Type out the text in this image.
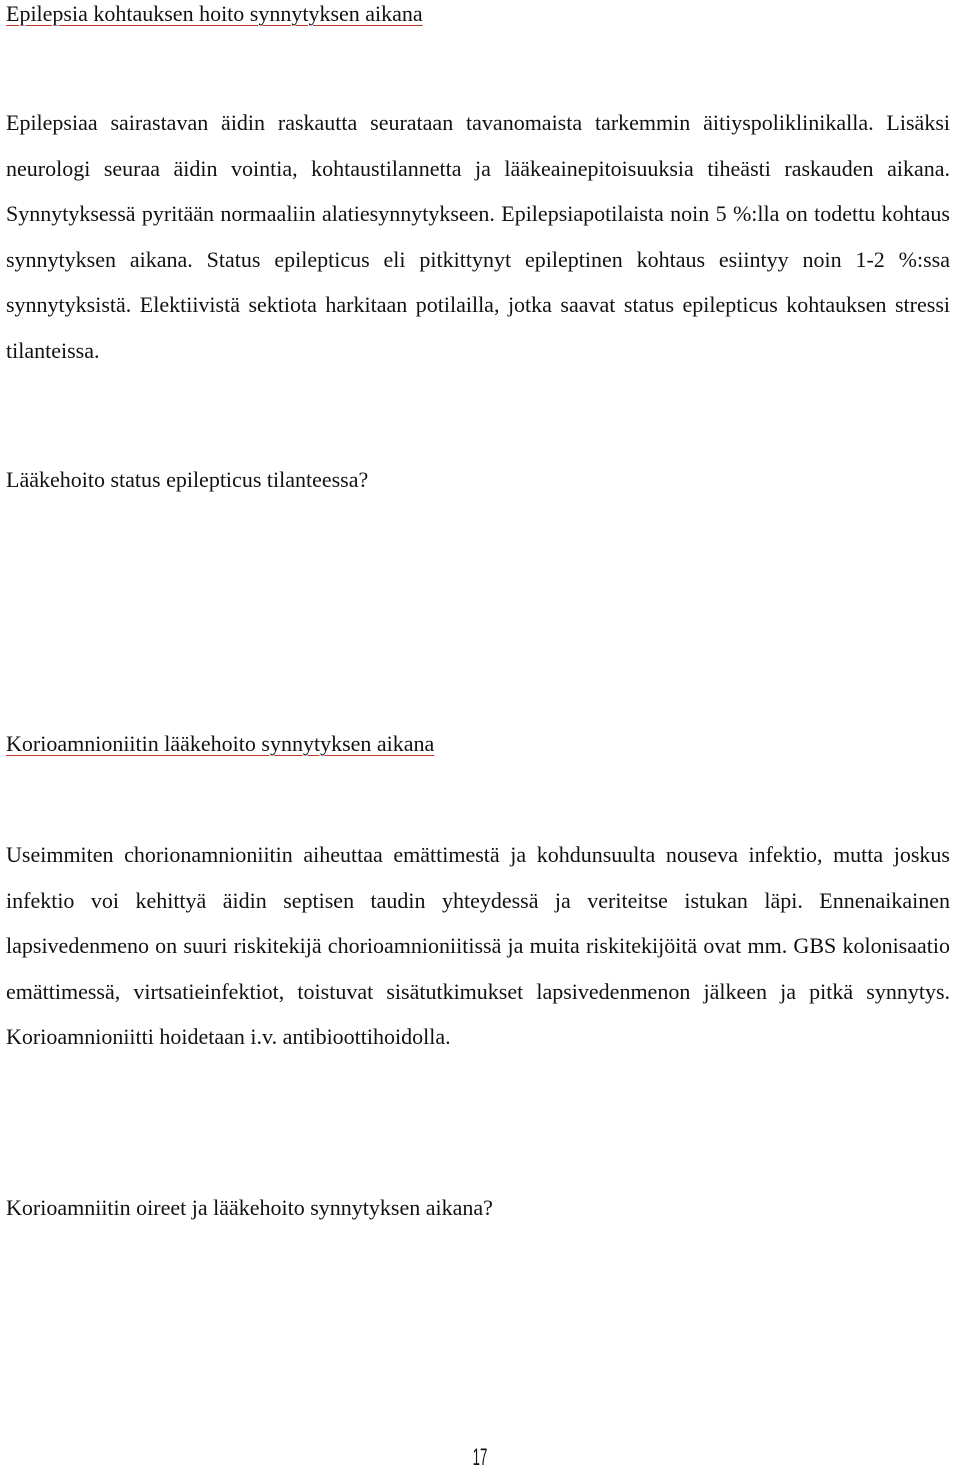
Epilepsia kohtauksen hoito synnytyksen aikana

Epilepsiaa sairastavan äidin raskautta seurataan tavanomaista tarkemmin äitiyspoliklinikalla. Lisäksi neurologi seuraa äidin vointia, kohtaustilannetta ja lääkeainepitoisuuksia tiheästi raskauden aikana. Synnytyksessä pyritään normaaliin alatiesynnytykseen. Epilepsiapotilaista noin 5 %:lla on todettu kohtaus synnytyksen aikana. Status epilepticus eli pitkittynyt epileptinen kohtaus esiintyy noin 1-2 %:ssa synnytyksistä. Elektiivistä sektiota harkitaan potilailla, jotka saavat status epilepticus kohtauksen stressi tilanteissa.

Lääkehoito status epilepticus tilanteessa?

Korioamnioniitin lääkehoito synnytyksen aikana

Useimmiten chorionamnioniitin aiheuttaa emättimestä ja kohdunsuulta nouseva infektio, mutta joskus infektio voi kehittyä äidin septisen taudin yhteydessä ja veriteitse istukan läpi. Ennenaikainen lapsivedenmeno on suuri riskitekijä chorioamnioniitissä ja muita riskitekijöitä ovat mm. GBS kolonisaatio emättimessä, virtsatieinfektiot, toistuvat sisätutkimukset lapsivedenmenon jälkeen ja pitkä synnytys. Korioamnioniitti hoidetaan i.v. antibioottihoidolla.

Korioamniitin oireet ja lääkehoito synnytyksen aikana?

17
